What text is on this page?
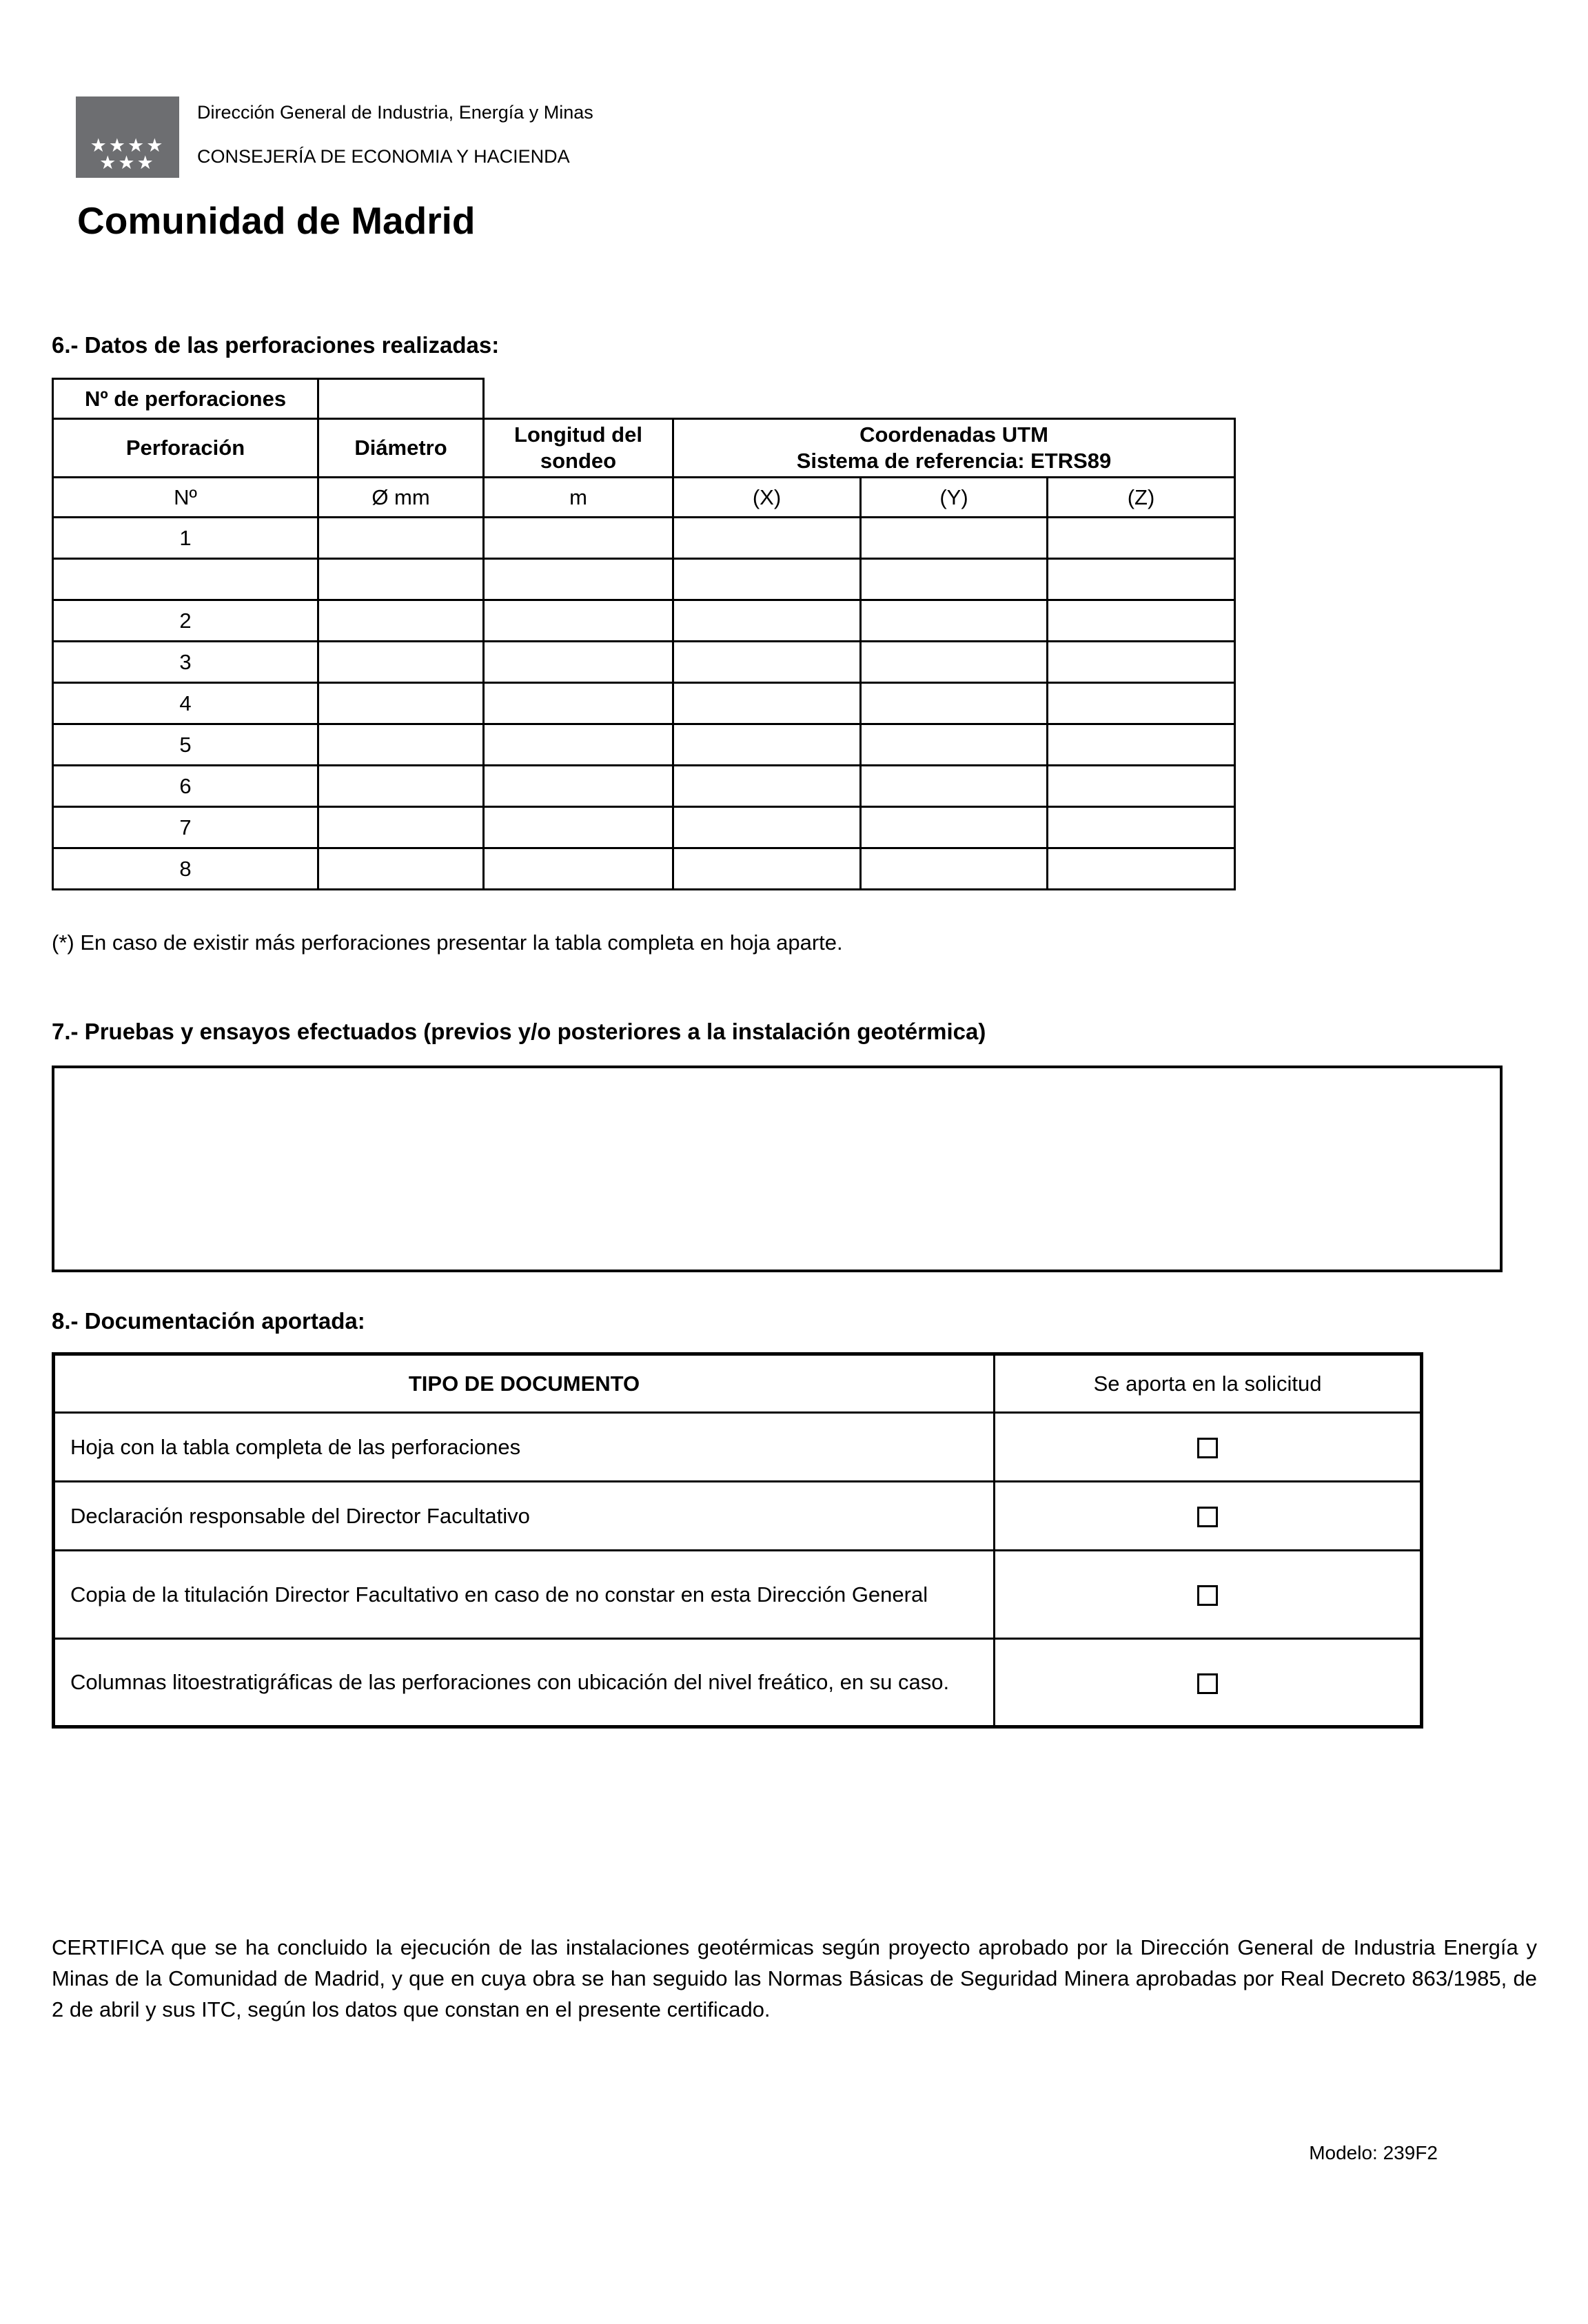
★★★★
★★★
Dirección General de Industria, Energía y Minas
CONSEJERÍA DE ECONOMIA Y HACIENDA
Comunidad de Madrid
6.- Datos de las perforaciones realizadas:
Nº de perforaciones	
Perforación	Diámetro	Longitud del sondeo	Coordenadas UTM
Sistema de referencia: ETRS89		

Nº	Ø mm	m	(X)	(Y)	(Z)
1					

2					
3					
4					
5					
6					
7					
8					

(*) En caso de existir más perforaciones presentar la tabla completa en hoja aparte.

7.- Pruebas y ensayos efectuados (previos y/o posteriores a la instalación geotérmica)
8.- Documentación aportada:
TIPO DE DOCUMENTO	Se aporta en la solicitud
Hoja con la tabla completa de las perforaciones	
Declaración responsable del Director Facultativo	
Copia de la titulación Director Facultativo en caso de no constar en esta Dirección General	
Columnas litoestratigráficas de las perforaciones con ubicación del nivel freático, en su caso.	

CERTIFICA que se ha concluido la ejecución de las instalaciones geotérmicas según proyecto aprobado por la Dirección General de Industria Energía y Minas de la Comunidad de Madrid, y que en cuya obra se han seguido las Normas Básicas de Seguridad Minera aprobadas por Real Decreto 863/1985, de 2 de abril y sus ITC, según los datos que constan en el presente certificado.

Modelo: 239F2
